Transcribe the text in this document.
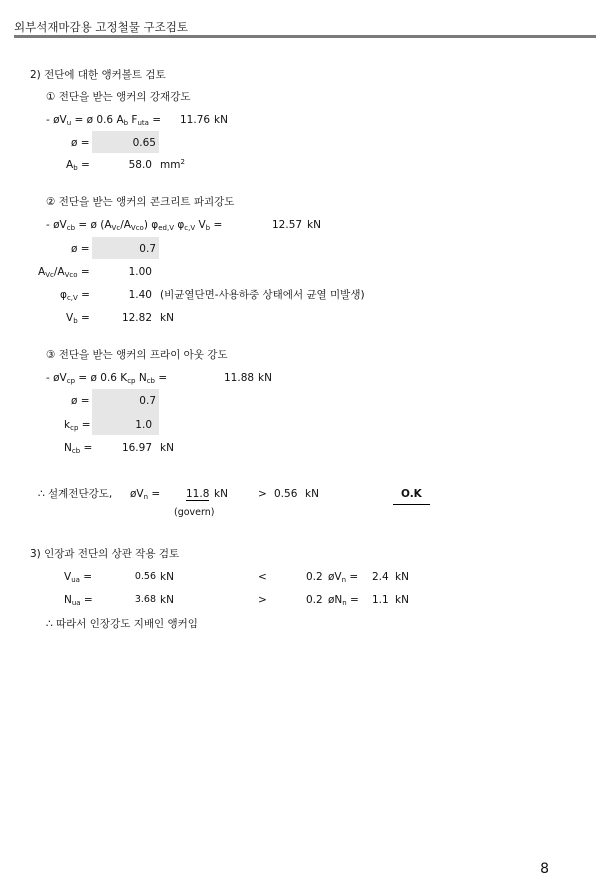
외부석재마감용 고정철물 구조검토
2) 전단에 대한 앵커볼트 검토
① 전단을 받는 앵커의 강재강도
- $øV_u$ = ø 0.6 $A_b$ $F_{uta} = 11.76$ kN
ø =	0.65
$A_b$ =	58.0 $mm^2$
② 전단을 받는 앵커의 콘크리트 파괴강도
- $øV_{cb}$ = ø $(A_{Vc}/A_{Vco})$ $\varphi_{ed,V}$ $\varphi_{c,V}$ $V_b$ =	12.57 kN
ø =	0.7
$A_{Vc}/A_{Vco}$ =	1.00
$\varphi_{c,V}$ =	1.40 (비균열단면-사용하중 상태에서 균열 미발생)
$V_b$ =	12.82 kN
③ 전단을 받는 앵커의 프라이 아웃 강도
- $øV_{cp}$ = ø 0.6 $K_{cp}$ $N_{cb}$ =	11.88 kN
ø =	0.7
$k_{cp}$ =	1.0
$N_{cb}$ =	16.97 kN
∴ 설계전단강도, $øV_n = 11.8$ kN	> 0.56 kN	O.K
(govern)
3) 인장과 전단의 상관 작용 검토
$V_{ua}$ =	0.56 kN	<	0.2 $øV_n = 2.4$ kN
$N_{ua}$ =	3.68 kN	>	0.2 $øN_n = 1.1$ kN
∴ 따라서 인장강도 지배인 앵커임
8
